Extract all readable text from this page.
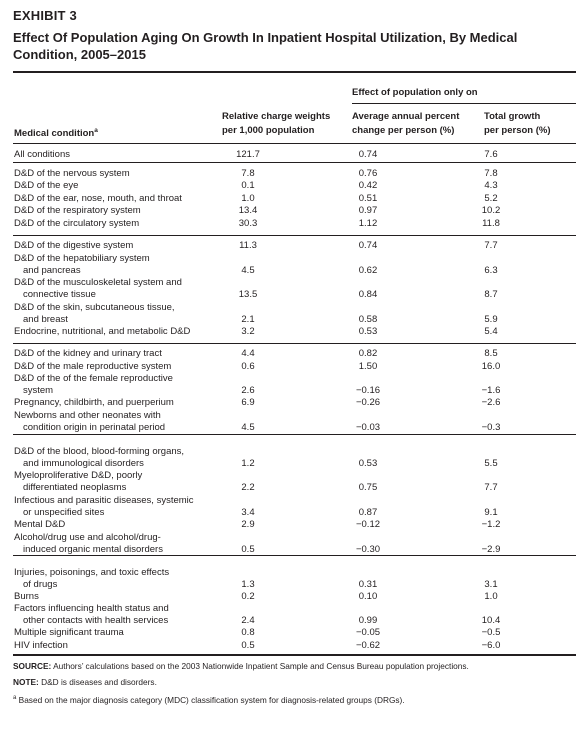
EXHIBIT 3
Effect Of Population Aging On Growth In Inpatient Hospital Utilization, By Medical Condition, 2005–2015
Effect of population only on
Medical condition$^a$
Relative charge weights
per 1,000 population
Average annual percent
change per person (%)
Total growth
per person (%)
All conditions	121.7	0.74	7.6
D&D of the nervous system	7.8	0.76	7.8
D&D of the eye	0.1	0.42	4.3
D&D of the ear, nose, mouth, and throat	1.0	0.51	5.2
D&D of the respiratory system	13.4	0.97	10.2
D&D of the circulatory system	30.3	1.12	11.8
D&D of the digestive system	11.3	0.74	7.7
D&D of the hepatobiliary system
and pancreas	4.5	0.62	6.3
D&D of the musculoskeletal system and
connective tissue	13.5	0.84	8.7
D&D of the skin, subcutaneous tissue,
and breast	2.1	0.58	5.9
Endocrine, nutritional, and metabolic D&D	3.2	0.53	5.4
D&D of the kidney and urinary tract	4.4	0.82	8.5
D&D of the male reproductive system	0.6	1.50	16.0
D&D of the of the female reproductive
system	2.6	−0.16	−1.6
Pregnancy, childbirth, and puerperium	6.9	−0.26	−2.6
Newborns and other neonates with
condition origin in perinatal period	4.5	−0.03	−0.3
D&D of the blood, blood-forming organs,
and immunological disorders	1.2	0.53	5.5
Myeloproliferative D&D, poorly
differentiated neoplasms	2.2	0.75	7.7
Infectious and parasitic diseases, systemic
or unspecified sites	3.4	0.87	9.1
Mental D&D	2.9	−0.12	−1.2
Alcohol/drug use and alcohol/drug-
induced organic mental disorders	0.5	−0.30	−2.9
Injuries, poisonings, and toxic effects
of drugs	1.3	0.31	3.1
Burns	0.2	0.10	1.0
Factors influencing health status and
other contacts with health services	2.4	0.99	10.4
Multiple significant trauma	0.8	−0.05	−0.5
HIV infection	0.5	−0.62	−6.0
SOURCE: Authors’ calculations based on the 2003 Nationwide Inpatient Sample and Census Bureau population projections.
NOTE: D&D is diseases and disorders.
$^a$ Based on the major diagnosis category (MDC) classification system for diagnosis-related groups (DRGs).
